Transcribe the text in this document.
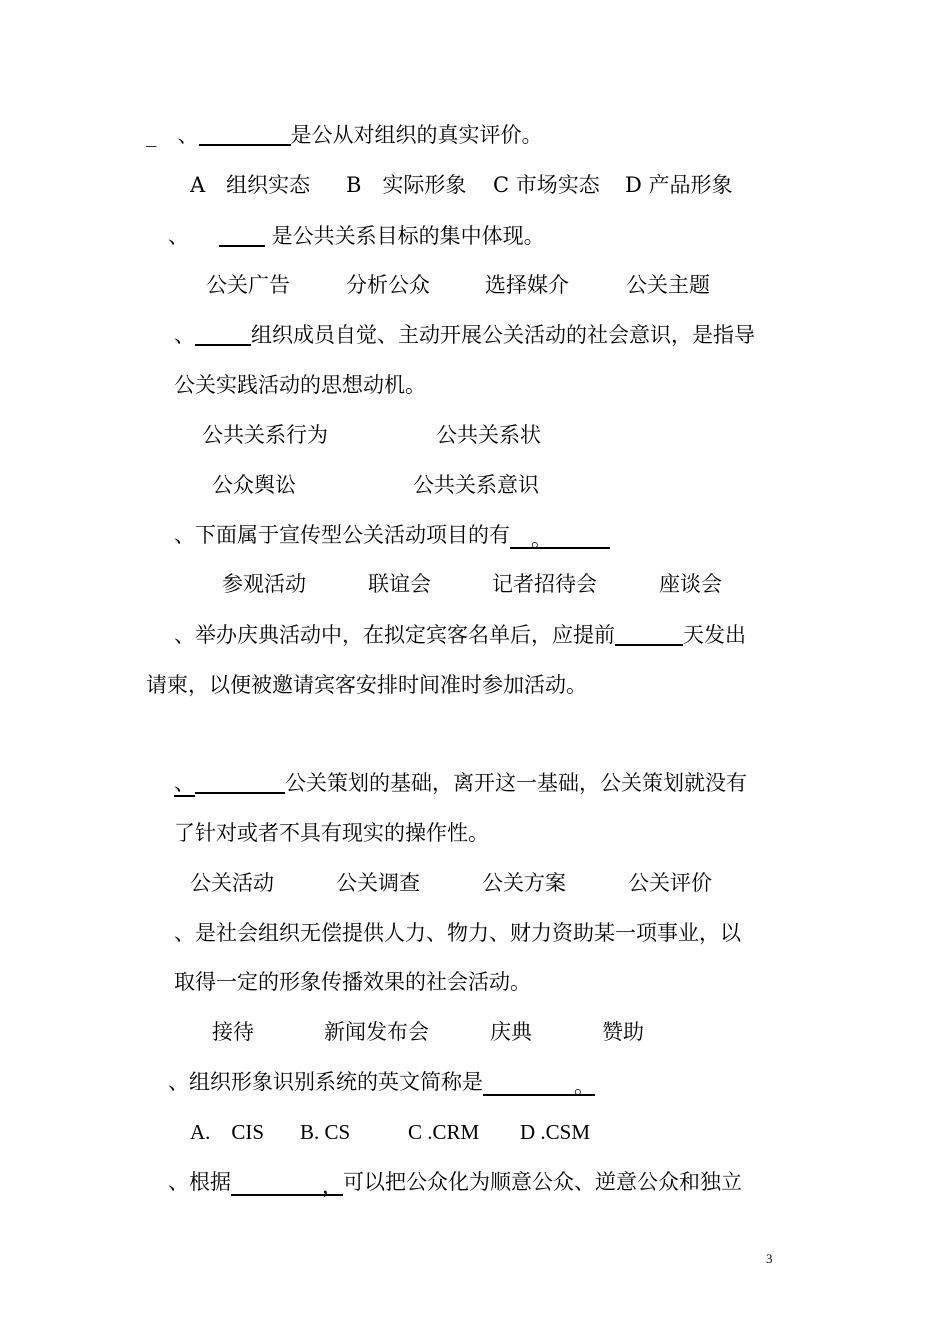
_　、	是公从对组织的真实评价。
A　组织实态 B　实际形象 C 市场实态 D 产品形象
、	是公共关系目标的集中体现。
公关广告	分析公众	选择媒介	公关主题
、	组织成员自觉、主动开展公关活动的社会意识，是指导
公关实践活动的思想动机。
公共关系行为	公共关系状
公众舆讼	公共关系意识
、下面属于宣传型公关活动项目的有　。
参观活动	联谊会	记者招待会	座谈会
、举办庆典活动中，在拟定宾客名单后，应提前	天发出
请柬，以便被邀请宾客安排时间准时参加活动。
、	公关策划的基础，离开这一基础，公关策划就没有
了针对或者不具有现实的操作性。
公关活动	公关调查	公关方案	公关评价
、是社会组织无偿提供人力、物力、财力资助某一项事业，以
取得一定的形象传播效果的社会活动。
接待	新闻发布会	庆典	赞助
、组织形象识别系统的英文简称是	　。
A.　CIS B. CS	C .CRM D .CSM
、根据	，可以把公众化为顺意公众、逆意公众和独立
3
